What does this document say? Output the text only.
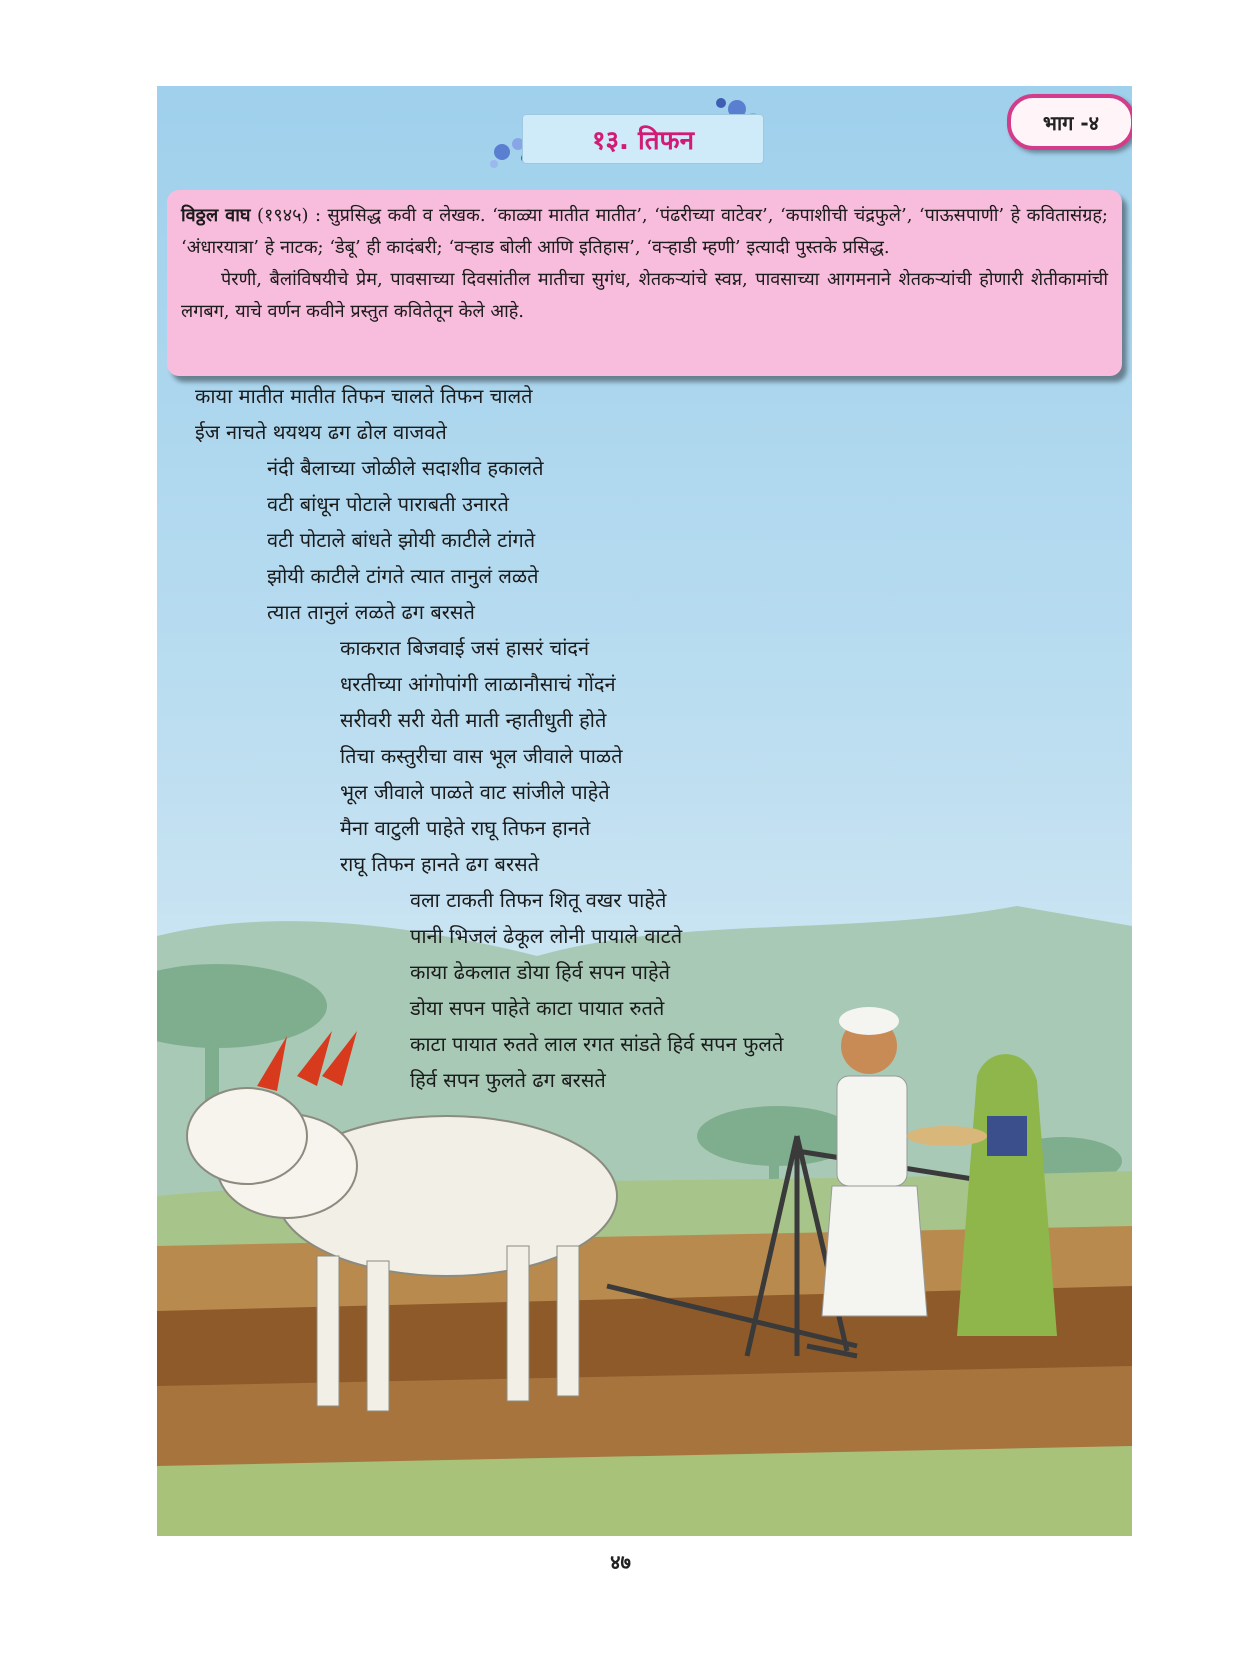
१३. तिफन
भाग -४

विठ्ठल वाघ (१९४५) : सुप्रसिद्ध कवी व लेखक. ‘काळ्या मातीत मातीत’, ‘पंढरीच्या वाटेवर’, ‘कपाशीची चंद्रफुले’, ‘पाऊसपाणी’ हे कवितासंग्रह; ‘अंधारयात्रा’ हे नाटक; ‘डेबू’ ही कादंबरी; ‘वऱ्हाड बोली आणि इतिहास’, ‘वऱ्हाडी म्हणी’ इत्यादी पुस्तके प्रसिद्ध.

पेरणी, बैलांविषयीचे प्रेम, पावसाच्या दिवसांतील मातीचा सुगंध, शेतकऱ्यांचे स्वप्न, पावसाच्या आगमनाने शेतकऱ्यांची होणारी शेतीकामांची लगबग, याचे वर्णन कवीने प्रस्तुत कवितेतून केले आहे.

काया मातीत मातीत तिफन चालते तिफन चालते
ईज नाचते थयथय ढग ढोल वाजवते
नंदी बैलाच्या जोळीले सदाशीव हकालते
वटी बांधून पोटाले पाराबती उनारते
वटी पोटाले बांधते झोयी काटीले टांगते
झोयी काटीले टांगते त्यात तानुलं लळते
त्यात तानुलं लळते ढग बरसते
काकरात बिजवाई जसं हासरं चांदनं
धरतीच्या आंगोपांगी लाळानौसाचं गोंदनं
सरीवरी सरी येती माती न्हातीधुती होते
तिचा कस्तुरीचा वास भूल जीवाले पाळते
भूल जीवाले पाळते वाट सांजीले पाहेते
मैना वाटुली पाहेते राघू तिफन हानते
राघू तिफन हानते ढग बरसते
वला टाकती तिफन शितू वखर पाहेते
पानी भिजलं ढेकूल लोनी पायाले वाटते
काया ढेकलात डोया हिर्व सपन पाहेते
डोया सपन पाहेते काटा पायात रुतते
काटा पायात रुतते लाल रगत सांडते हिर्व सपन फुलते
हिर्व सपन फुलते ढग बरसते
४७
